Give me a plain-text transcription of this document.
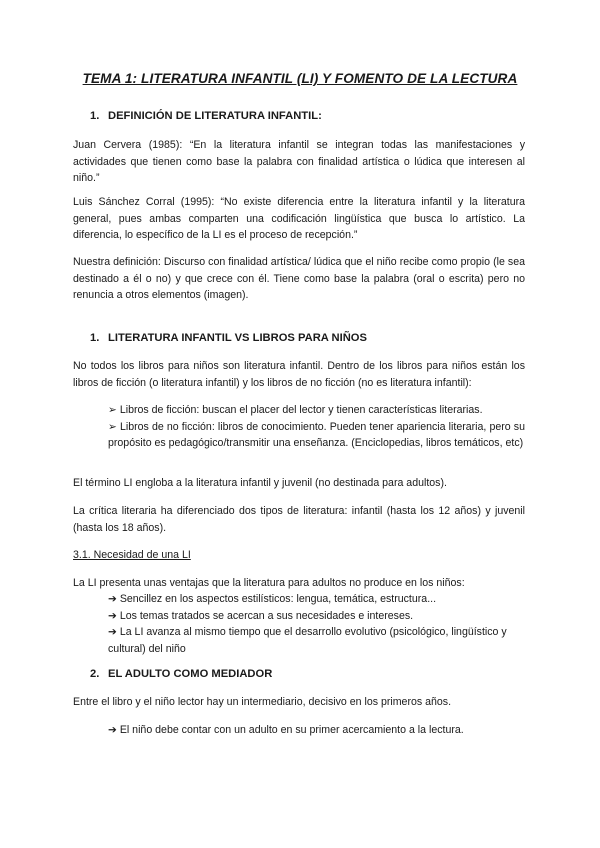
TEMA 1: LITERATURA INFANTIL (LI) Y FOMENTO DE LA LECTURA
1. DEFINICIÓN DE LITERATURA INFANTIL:

Juan Cervera (1985): “En la literatura infantil se integran todas las manifestaciones y actividades que tienen como base la palabra con finalidad artística o lúdica que interesen al niño.”

Luis Sánchez Corral (1995): “No existe diferencia entre la literatura infantil y la literatura general, pues ambas comparten una codificación lingüística que busca lo artístico. La diferencia, lo específico de la LI es el proceso de recepción.”

Nuestra definición: Discurso con finalidad artística/ lúdica que el niño recibe como propio (le sea destinado a él o no) y que crece con él. Tiene como base la palabra (oral o escrita) pero no renuncia a otros elementos (imagen).

1. LITERATURA INFANTIL VS LIBROS PARA NIÑOS

No todos los libros para niños son literatura infantil. Dentro de los libros para niños están los libros de ficción (o literatura infantil) y los libros de no ficción (no es literatura infantil):

➢ Libros de ficción: buscan el placer del lector y tienen características literarias.

➢ Libros de no ficción: libros de conocimiento. Pueden tener apariencia literaria, pero su propósito es pedagógico/transmitir una enseñanza. (Enciclopedias, libros temáticos, etc)

El término LI engloba a la literatura infantil y juvenil (no destinada para adultos).

La crítica literaria ha diferenciado dos tipos de literatura: infantil (hasta los 12 años) y juvenil (hasta los 18 años).

3.1. Necesidad de una LI

La LI presenta unas ventajas que la literatura para adultos no produce en los niños:

➔ Sencillez en los aspectos estilísticos: lengua, temática, estructura...

➔ Los temas tratados se acercan a sus necesidades e intereses.

➔ La LI avanza al mismo tiempo que el desarrollo evolutivo (psicológico, lingüístico y cultural) del niño

2. EL ADULTO COMO MEDIADOR

Entre el libro y el niño lector hay un intermediario, decisivo en los primeros años.

➔ El niño debe contar con un adulto en su primer acercamiento a la lectura.
